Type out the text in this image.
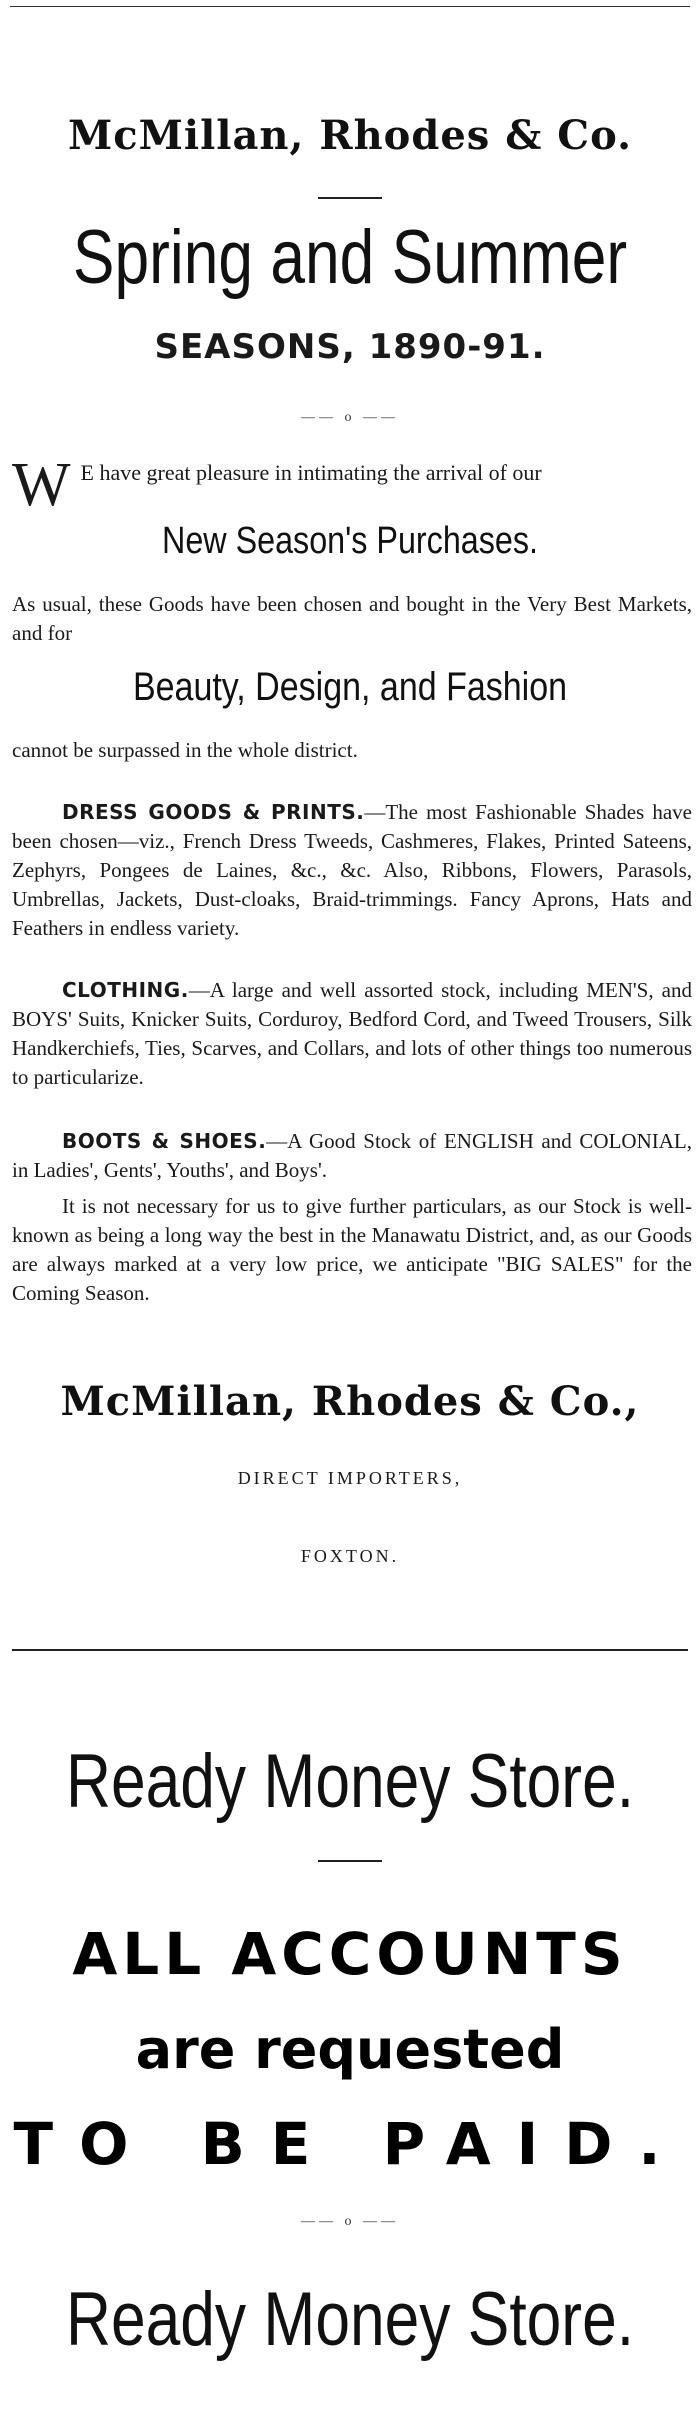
McMillan, Rhodes & Co.
Spring and Summer
SEASONS, 1890-91.
—— o ——
W E have great pleasure in intimating the arrival of our
New Season's Purchases.
As usual, these Goods have been chosen and bought in the Very Best Markets, and for
Beauty, Design, and Fashion
cannot be surpassed in the whole district.
DRESS GOODS & PRINTS.—The most Fashionable Shades have been chosen—viz., French Dress Tweeds, Cashmeres, Flakes, Printed Sateens, Zephyrs, Pongees de Laines, &c., &c. Also, Ribbons, Flowers, Parasols, Umbrellas, Jackets, Dust-cloaks, Braid-trimmings. Fancy Aprons, Hats and Feathers in endless variety.
CLOTHING.—A large and well assorted stock, including MEN'S, and BOYS' Suits, Knicker Suits, Corduroy, Bedford Cord, and Tweed Trousers, Silk Handkerchiefs, Ties, Scarves, and Collars, and lots of other things too numerous to particularize.
BOOTS & SHOES.—A Good Stock of ENGLISH and COLONIAL, in Ladies', Gents', Youths', and Boys'.
It is not necessary for us to give further particulars, as our Stock is well-known as being a long way the best in the Manawatu District, and, as our Goods are always marked at a very low price, we anticipate "BIG SALES" for the Coming Season.
McMillan, Rhodes & Co.,
DIRECT IMPORTERS,
FOXTON.
Ready Money Store.
ALL ACCOUNTS
are requested
TO BE PAID.
—— o ——
Ready Money Store.
